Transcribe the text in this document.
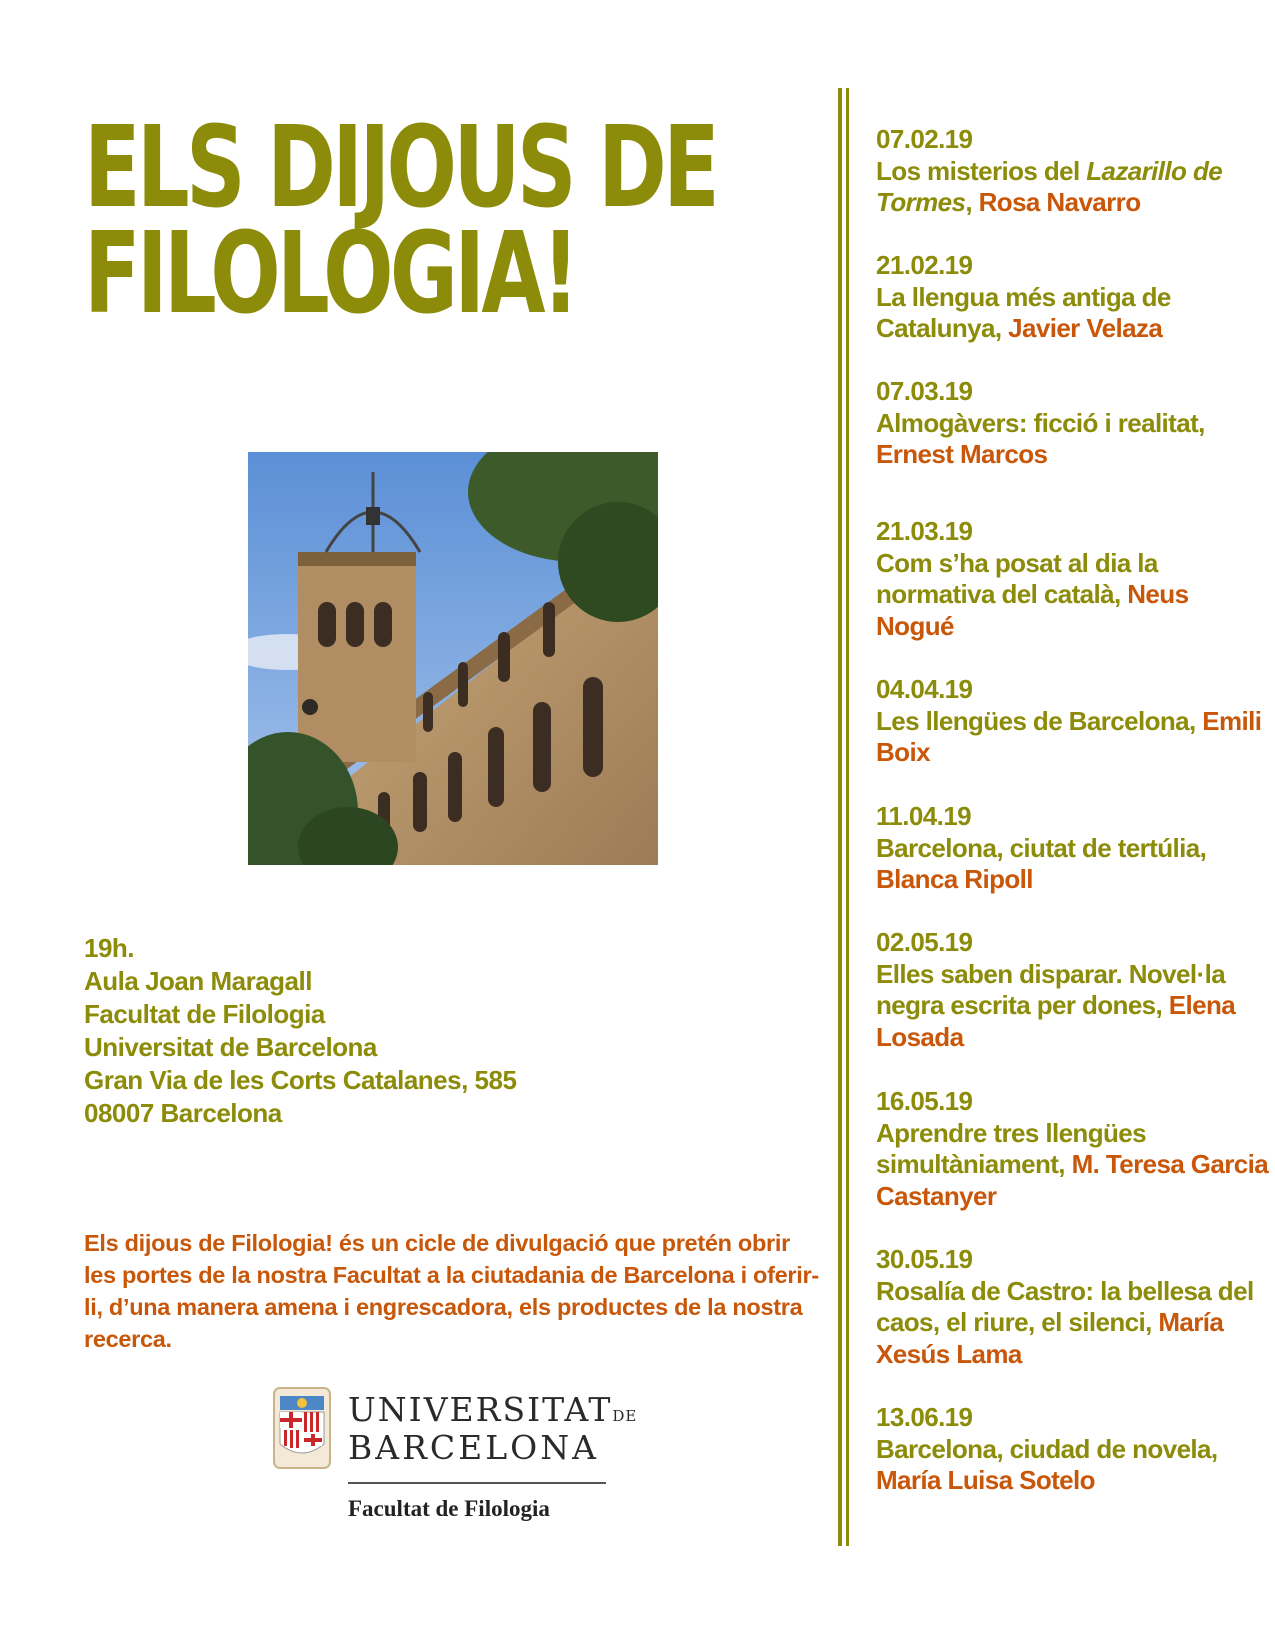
ELS DIJOUS DE
FILOLOGIA!
19h.
Aula Joan Maragall
Facultat de Filologia
Universitat de Barcelona
Gran Via de les Corts Catalanes, 585
08007 Barcelona
Els dijous de Filologia! és un cicle de divulgació que pretén obrir les portes de la nostra Facultat a la ciutadania de Barcelona i oferir-li, d’una manera amena i engrescadora, els productes de la nostra recerca.
UNIVERSITATDE
BARCELONA
Facultat de Filologia
07.02.19
Los misterios del Lazarillo de Tormes, Rosa Navarro
21.02.19
La llengua més antiga de Catalunya, Javier Velaza
07.03.19
Almogàvers: ficció i realitat, Ernest Marcos
21.03.19
Com s’ha posat al dia la normativa del català, Neus Nogué
04.04.19
Les llengües de Barcelona, Emili Boix
11.04.19
Barcelona, ciutat de tertúlia, Blanca Ripoll
02.05.19
Elles saben disparar. Novel·la negra escrita per dones, Elena Losada
16.05.19
Aprendre tres llengües simultàniament, M. Teresa Garcia Castanyer
30.05.19
Rosalía de Castro: la bellesa del caos, el riure, el silenci, María Xesús Lama
13.06.19
Barcelona, ciudad de novela, María Luisa Sotelo
